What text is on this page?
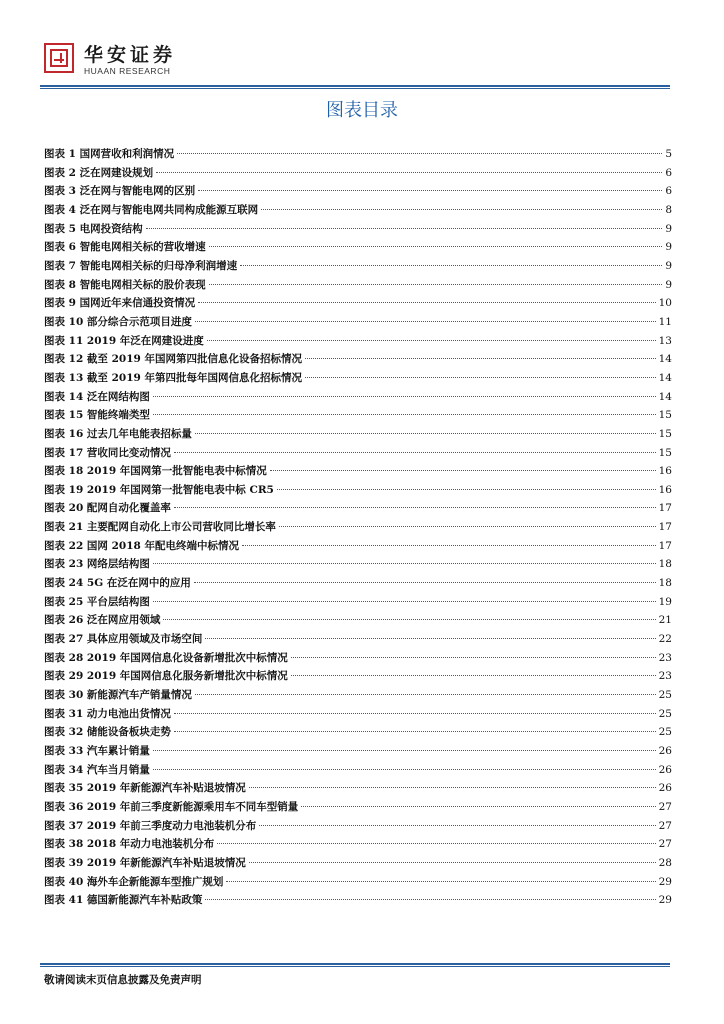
华安证券
HUAAN RESEARCH
图表目录
图表 1 国网营收和利润情况	5
图表 2 泛在网建设规划	6
图表 3 泛在网与智能电网的区别	6
图表 4 泛在网与智能电网共同构成能源互联网	8
图表 5 电网投资结构	9
图表 6 智能电网相关标的营收增速	9
图表 7 智能电网相关标的归母净利润增速	9
图表 8 智能电网相关标的股价表现	9
图表 9 国网近年来信通投资情况	10
图表 10 部分综合示范项目进度	11
图表 11 2019 年泛在网建设进度	13
图表 12 截至 2019 年国网第四批信息化设备招标情况	14
图表 13 截至 2019 年第四批每年国网信息化招标情况	14
图表 14 泛在网结构图	14
图表 15 智能终端类型	15
图表 16 过去几年电能表招标量	15
图表 17 营收同比变动情况	15
图表 18 2019 年国网第一批智能电表中标情况	16
图表 19 2019 年国网第一批智能电表中标 CR5	16
图表 20 配网自动化覆盖率	17
图表 21 主要配网自动化上市公司营收同比增长率	17
图表 22 国网 2018 年配电终端中标情况	17
图表 23 网络层结构图	18
图表 24 5G 在泛在网中的应用	18
图表 25 平台层结构图	19
图表 26 泛在网应用领域	21
图表 27 具体应用领域及市场空间	22
图表 28 2019 年国网信息化设备新增批次中标情况	23
图表 29 2019 年国网信息化服务新增批次中标情况	23
图表 30 新能源汽车产销量情况	25
图表 31 动力电池出货情况	25
图表 32 储能设备板块走势	25
图表 33 汽车累计销量	26
图表 34 汽车当月销量	26
图表 35 2019 年新能源汽车补贴退坡情况	26
图表 36 2019 年前三季度新能源乘用车不同车型销量	27
图表 37 2019 年前三季度动力电池装机分布	27
图表 38 2018 年动力电池装机分布	27
图表 39 2019 年新能源汽车补贴退坡情况	28
图表 40 海外车企新能源车型推广规划	29
图表 41 德国新能源汽车补贴政策	29
敬请阅读末页信息披露及免责声明
